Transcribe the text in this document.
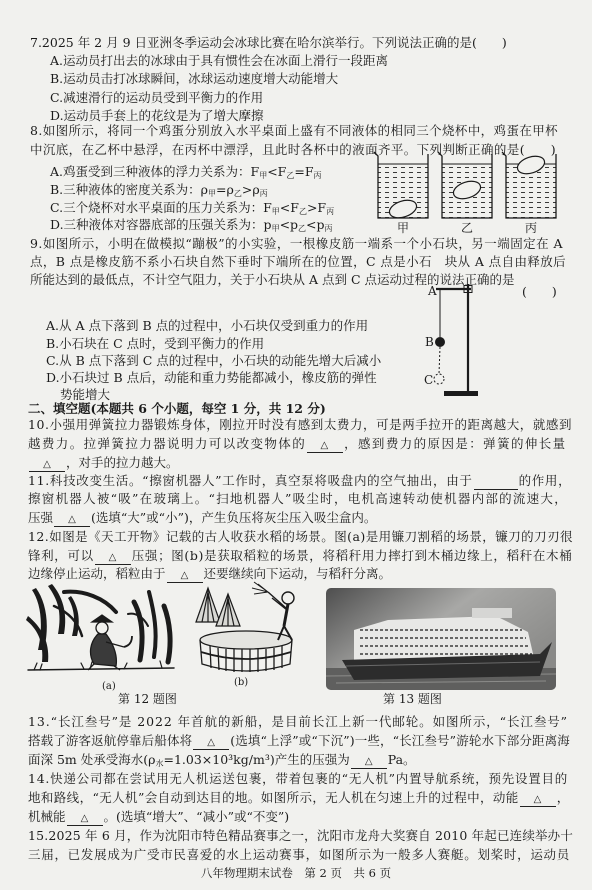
7.2025 年 2 月 9 日亚洲冬季运动会冰球比赛在哈尔滨举行。下列说法正确的是(　　)
A.运动员打出去的冰球由于具有惯性会在冰面上滑行一段距离
B.运动员击打冰球瞬间，冰球运动速度增大动能增大
C.减速滑行的运动员受到平衡力的作用
D.运动员手套上的花纹是为了增大摩擦
8.如图所示，将同一个鸡蛋分别放入水平桌面上盛有不同液体的相同三个烧杯中，鸡蛋在甲杯
中沉底，在乙杯中悬浮，在丙杯中漂浮，且此时各杯中的液面齐平。下列判断正确的是(　　)
A.鸡蛋受到三种液体的浮力关系为：$F_甲<F_乙=F_丙$
B.三种液体的密度关系为：$\rho_甲=\rho_乙>\rho_丙$
C.三个烧杯对水平桌面的压力关系为：$F_甲<F_乙>F_丙$
D.三种液体对容器底部的压强关系为：$p_甲<p_乙<p_丙$	甲	乙	丙
9.如图所示，小明在做模拟“蹦极”的小实验，一根橡皮筋一端系一个小石块，另一端固定在 A
点，B 点是橡皮筋不系小石块自然下垂时下端所在的位置，C 点是小石　块从 A 点自由释放后
所能达到的最低点，不计空气阻力，关于小石块从 A 点到 C 点运动过程的说法正确的是
(　　)
A.从 A 点下落到 B 点的过程中，小石块仅受到重力的作用
B.小石块在 C 点时，受到平衡力的作用
C.从 B 点下落到 C 点的过程中，小石块的动能先增大后减小
D.小石块过 B 点后，动能和重力势能都减小，橡皮筋的弹性
势能增大
A
B
C
二、填空题(本题共 6 个小题，每空 1 分，共 12 分)
10.小强用弹簧拉力器锻炼身体，刚拉开时没有感到太费力，可是两手拉开的距离越大，就感到
越费力。拉弹簧拉力器说明力可以改变物体的 △ ，感到费力的原因是：弹簧的伸长量
△ ，对手的拉力越大。
11.科技改变生活。“擦窗机器人”工作时，真空泵将吸盘内的空气抽出，由于	的作用，
擦窗机器人被“吸”在玻璃上。“扫地机器人”吸尘时，电机高速转动使机器内部的流速大，
压强 △ (选填“大”或“小”)，产生负压将灰尘压入吸尘盒内。
12.如图是《天工开物》记载的古人收获水稻的场景。图(a)是用镰刀割稻的场景，镰刀的刀刃很
锋利，可以 △ 压强；图(b)是获取稻粒的场景，将稻秆用力摔打到木桶边缘上，稻秆在木桶
边缘停止运动，稻粒由于 △ 还要继续向下运动，与稻秆分离。
(a)	(b)
第 12 题图	第 13 题图
13.“长江叁号”是 2022 年首航的新船，是目前长江上新一代邮轮。如图所示，“长江叁号”
搭载了游客返航停靠后船体将 △ (选填“上浮”或“下沉”)一些，“长江叁号”游轮水下部分距离海
面深 5m 处承受海水$(\rho_水=1.03\times 10^3kg/m^3)$产生的压强为 △ Pa。
14.快递公司都在尝试用无人机运送包裹，带着包裹的“无人机”内置导航系统，预先设置目的
地和路线，“无人机”会自动到达目的地。如图所示，无人机在匀速上升的过程中，动能 △ ，
机械能 △ 。(选填“增大”、“减小”或“不变”)
15.2025 年 6 月，作为沈阳市特色精品赛事之一，沈阳市龙舟大奖赛自 2010 年起已连续举办十
三届，已发展成为广受市民喜爱的水上运动赛事，如图所示为一般多人赛艇。划桨时，运动员
八年物理期末试卷　第 2 页　共 6 页
